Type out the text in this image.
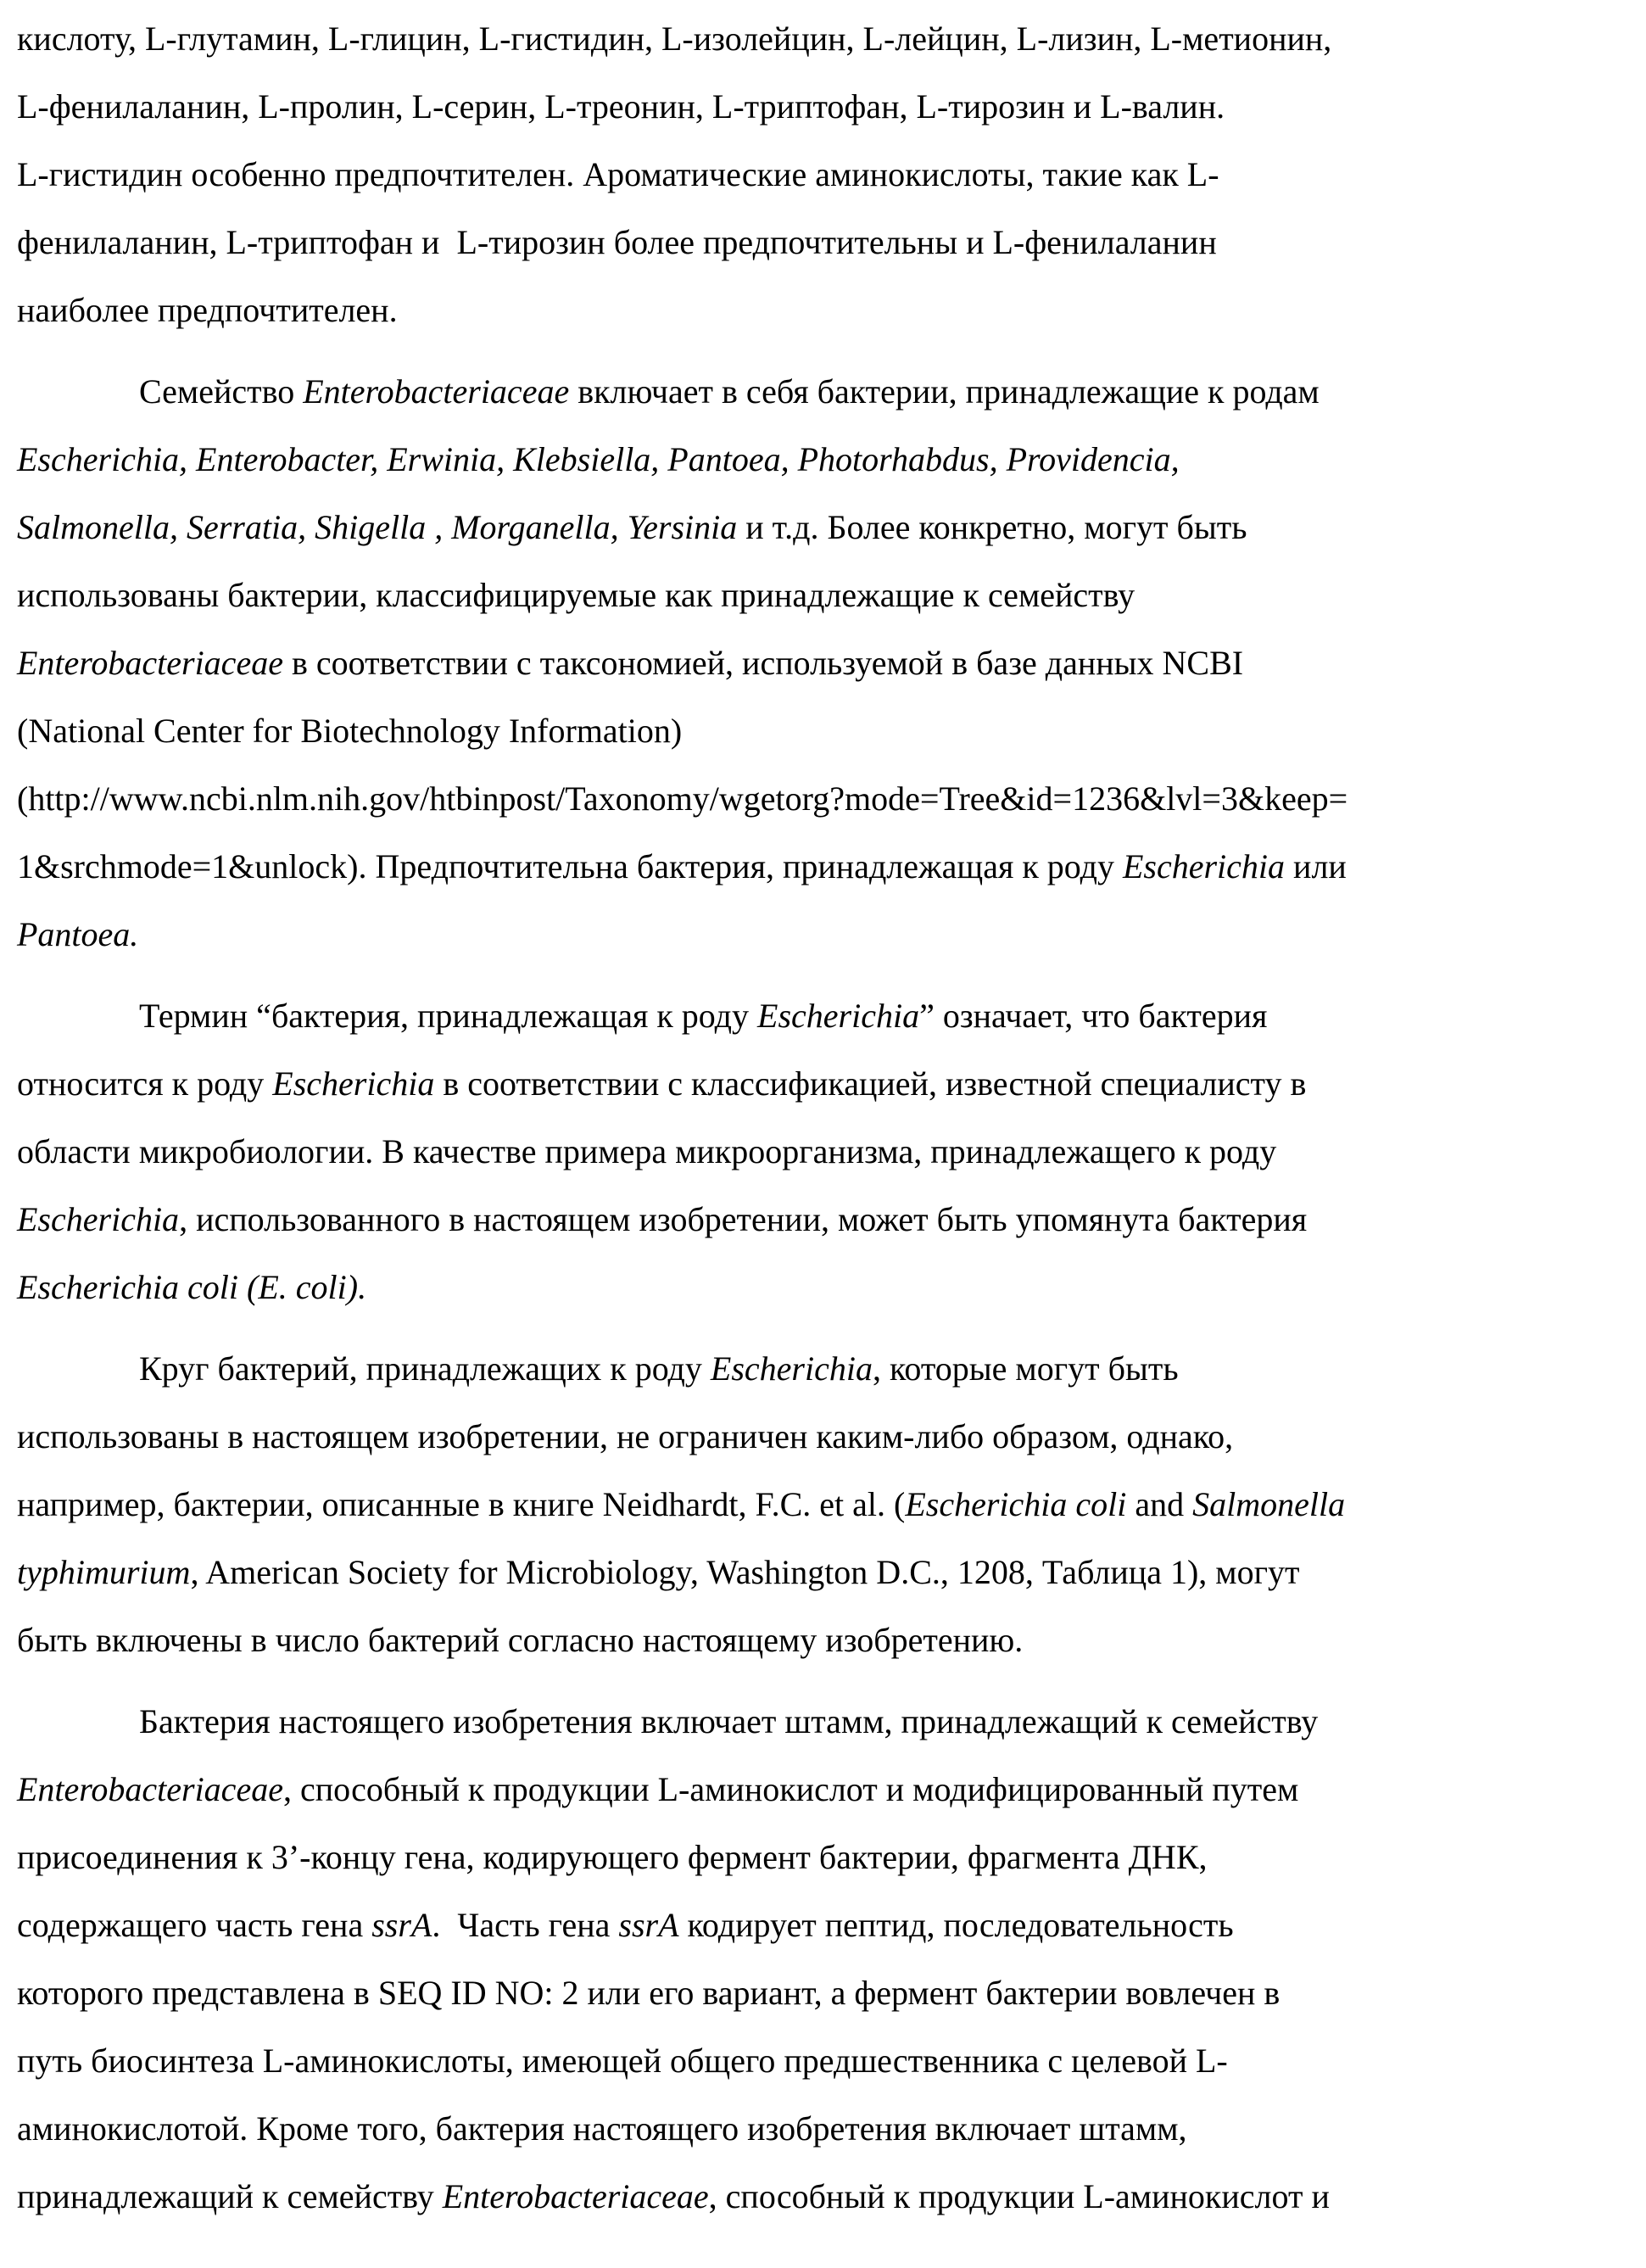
кислоту, L-глутамин, L-глицин, L-гистидин, L-изолейцин, L-лейцин, L-лизин, L-метионин,
L-фенилаланин, L-пролин, L-серин, L-треонин, L-триптофан, L-тирозин и L-валин.
L-гистидин особенно предпочтителен. Ароматические аминокислоты, такие как L-
фенилаланин, L-триптофан и  L-тирозин более предпочтительны и L-фенилаланин
наиболее предпочтителен.
Семейство Enterobacteriaceae включает в себя бактерии, принадлежащие к родам
Escherichia, Enterobacter, Erwinia, Klebsiella, Pantoea, Photorhabdus, Providencia,
Salmonella, Serratia, Shigella , Morganella, Yersinia и т.д. Более конкретно, могут быть
использованы бактерии, классифицируемые как принадлежащие к семейству
Enterobacteriaceae в соответствии с таксономией, используемой в базе данных NCBI
(National Center for Biotechnology Information)
(http://www.ncbi.nlm.nih.gov/htbinpost/Taxonomy/wgetorg?mode=Tree&id=1236&lvl=3&keep=
1&srchmode=1&unlock). Предпочтительна бактерия, принадлежащая к роду Escherichia или
Pantoea.
Термин “бактерия, принадлежащая к роду Escherichia” означает, что бактерия
относится к роду Escherichia в соответствии с классификацией, известной специалисту в
области микробиологии. В качестве примера микроорганизма, принадлежащего к роду
Escherichia, использованного в настоящем изобретении, может быть упомянута бактерия
Escherichia coli (E. coli).
Круг бактерий, принадлежащих к роду Escherichia, которые могут быть
использованы в настоящем изобретении, не ограничен каким-либо образом, однако,
например, бактерии, описанные в книге Neidhardt, F.C. et al. (Escherichia coli and Salmonella
typhimurium, American Society for Microbiology, Washington D.C., 1208, Таблица 1), могут
быть включены в число бактерий согласно настоящему изобретению.
Бактерия настоящего изобретения включает штамм, принадлежащий к семейству
Enterobacteriaceae, способный к продукции L-аминокислот и модифицированный путем
присоединения к 3’-концу гена, кодирующего фермент бактерии, фрагмента ДНК,
содержащего часть гена ssrA.  Часть гена ssrA кодирует пептид, последовательность
которого представлена в SEQ ID NO: 2 или его вариант, а фермент бактерии вовлечен в
путь биосинтеза L-аминокислоты, имеющей общего предшественника с целевой L-
аминокислотой. Кроме того, бактерия настоящего изобретения включает штамм,
принадлежащий к семейству Enterobacteriaceae, способный к продукции L-аминокислот и
